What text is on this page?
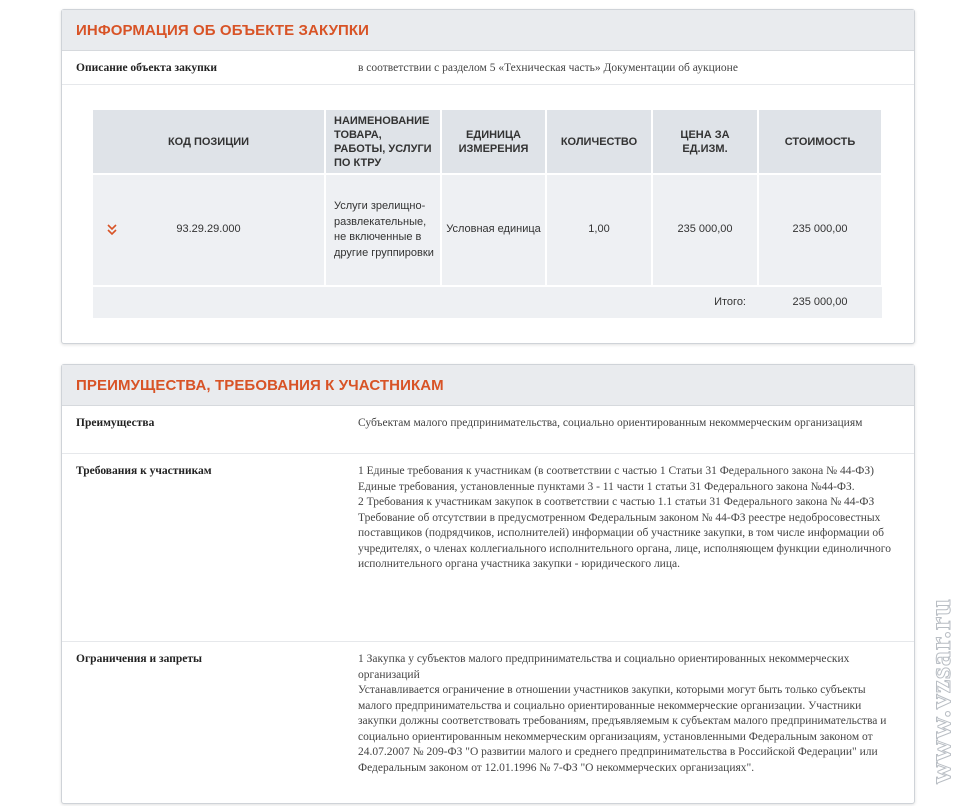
ИНФОРМАЦИЯ ОБ ОБЪЕКТЕ ЗАКУПКИ
Описание объекта закупки	в соответствии с разделом 5 «Техническая часть» Документации об аукционе
КОД ПОЗИЦИИ	НАИМЕНОВАНИЕ ТОВАРА, РАБОТЫ, УСЛУГИ ПО КТРУ	ЕДИНИЦА ИЗМЕРЕНИЯ	КОЛИЧЕСТВО	ЦЕНА ЗА ЕД.ИЗМ.	СТОИМОСТЬ

93.29.29.000	Услуги зрелищно-развлекательные, не включенные в другие группировки	Условная единица	1,00	235 000,00	235 000,00
Итого:					235 000,00
ПРЕИМУЩЕСТВА, ТРЕБОВАНИЯ К УЧАСТНИКАМ
Преимущества	Субъектам малого предпринимательства, социально ориентированным некоммерческим организациям
Требования к участникам	1 Единые требования к участникам (в соответствии с частью 1 Статьи 31 Федерального закона № 44-ФЗ)
Единые требования, установленные пунктами 3 - 11 части 1 статьи 31 Федерального закона №44-ФЗ.
2 Требования к участникам закупок в соответствии с частью 1.1 статьи 31 Федерального закона № 44-ФЗ
Требование об отсутствии в предусмотренном Федеральным законом № 44-ФЗ реестре недобросовестных поставщиков (подрядчиков, исполнителей) информации об участнике закупки, в том числе информации об учредителях, о членах коллегиального исполнительного органа, лице, исполняющем функции единоличного исполнительного органа участника закупки - юридического лица.
Ограничения и запреты	1 Закупка у субъектов малого предпринимательства и социально ориентированных некоммерческих организаций
Устанавливается ограничение в отношении участников закупки, которыми могут быть только субъекты малого предпринимательства и социально ориентированные некоммерческие организации. Участники закупки должны соответствовать требованиям, предъявляемым к субъектам малого предпринимательства и социально ориентированным некоммерческим организациям, установленными Федеральным законом от 24.07.2007 № 209-ФЗ "О развитии малого и среднего предпринимательства в Российской Федерации" или Федеральным законом от 12.01.1996 № 7-ФЗ "О некоммерческих организациях".	www.vzsar.ru
